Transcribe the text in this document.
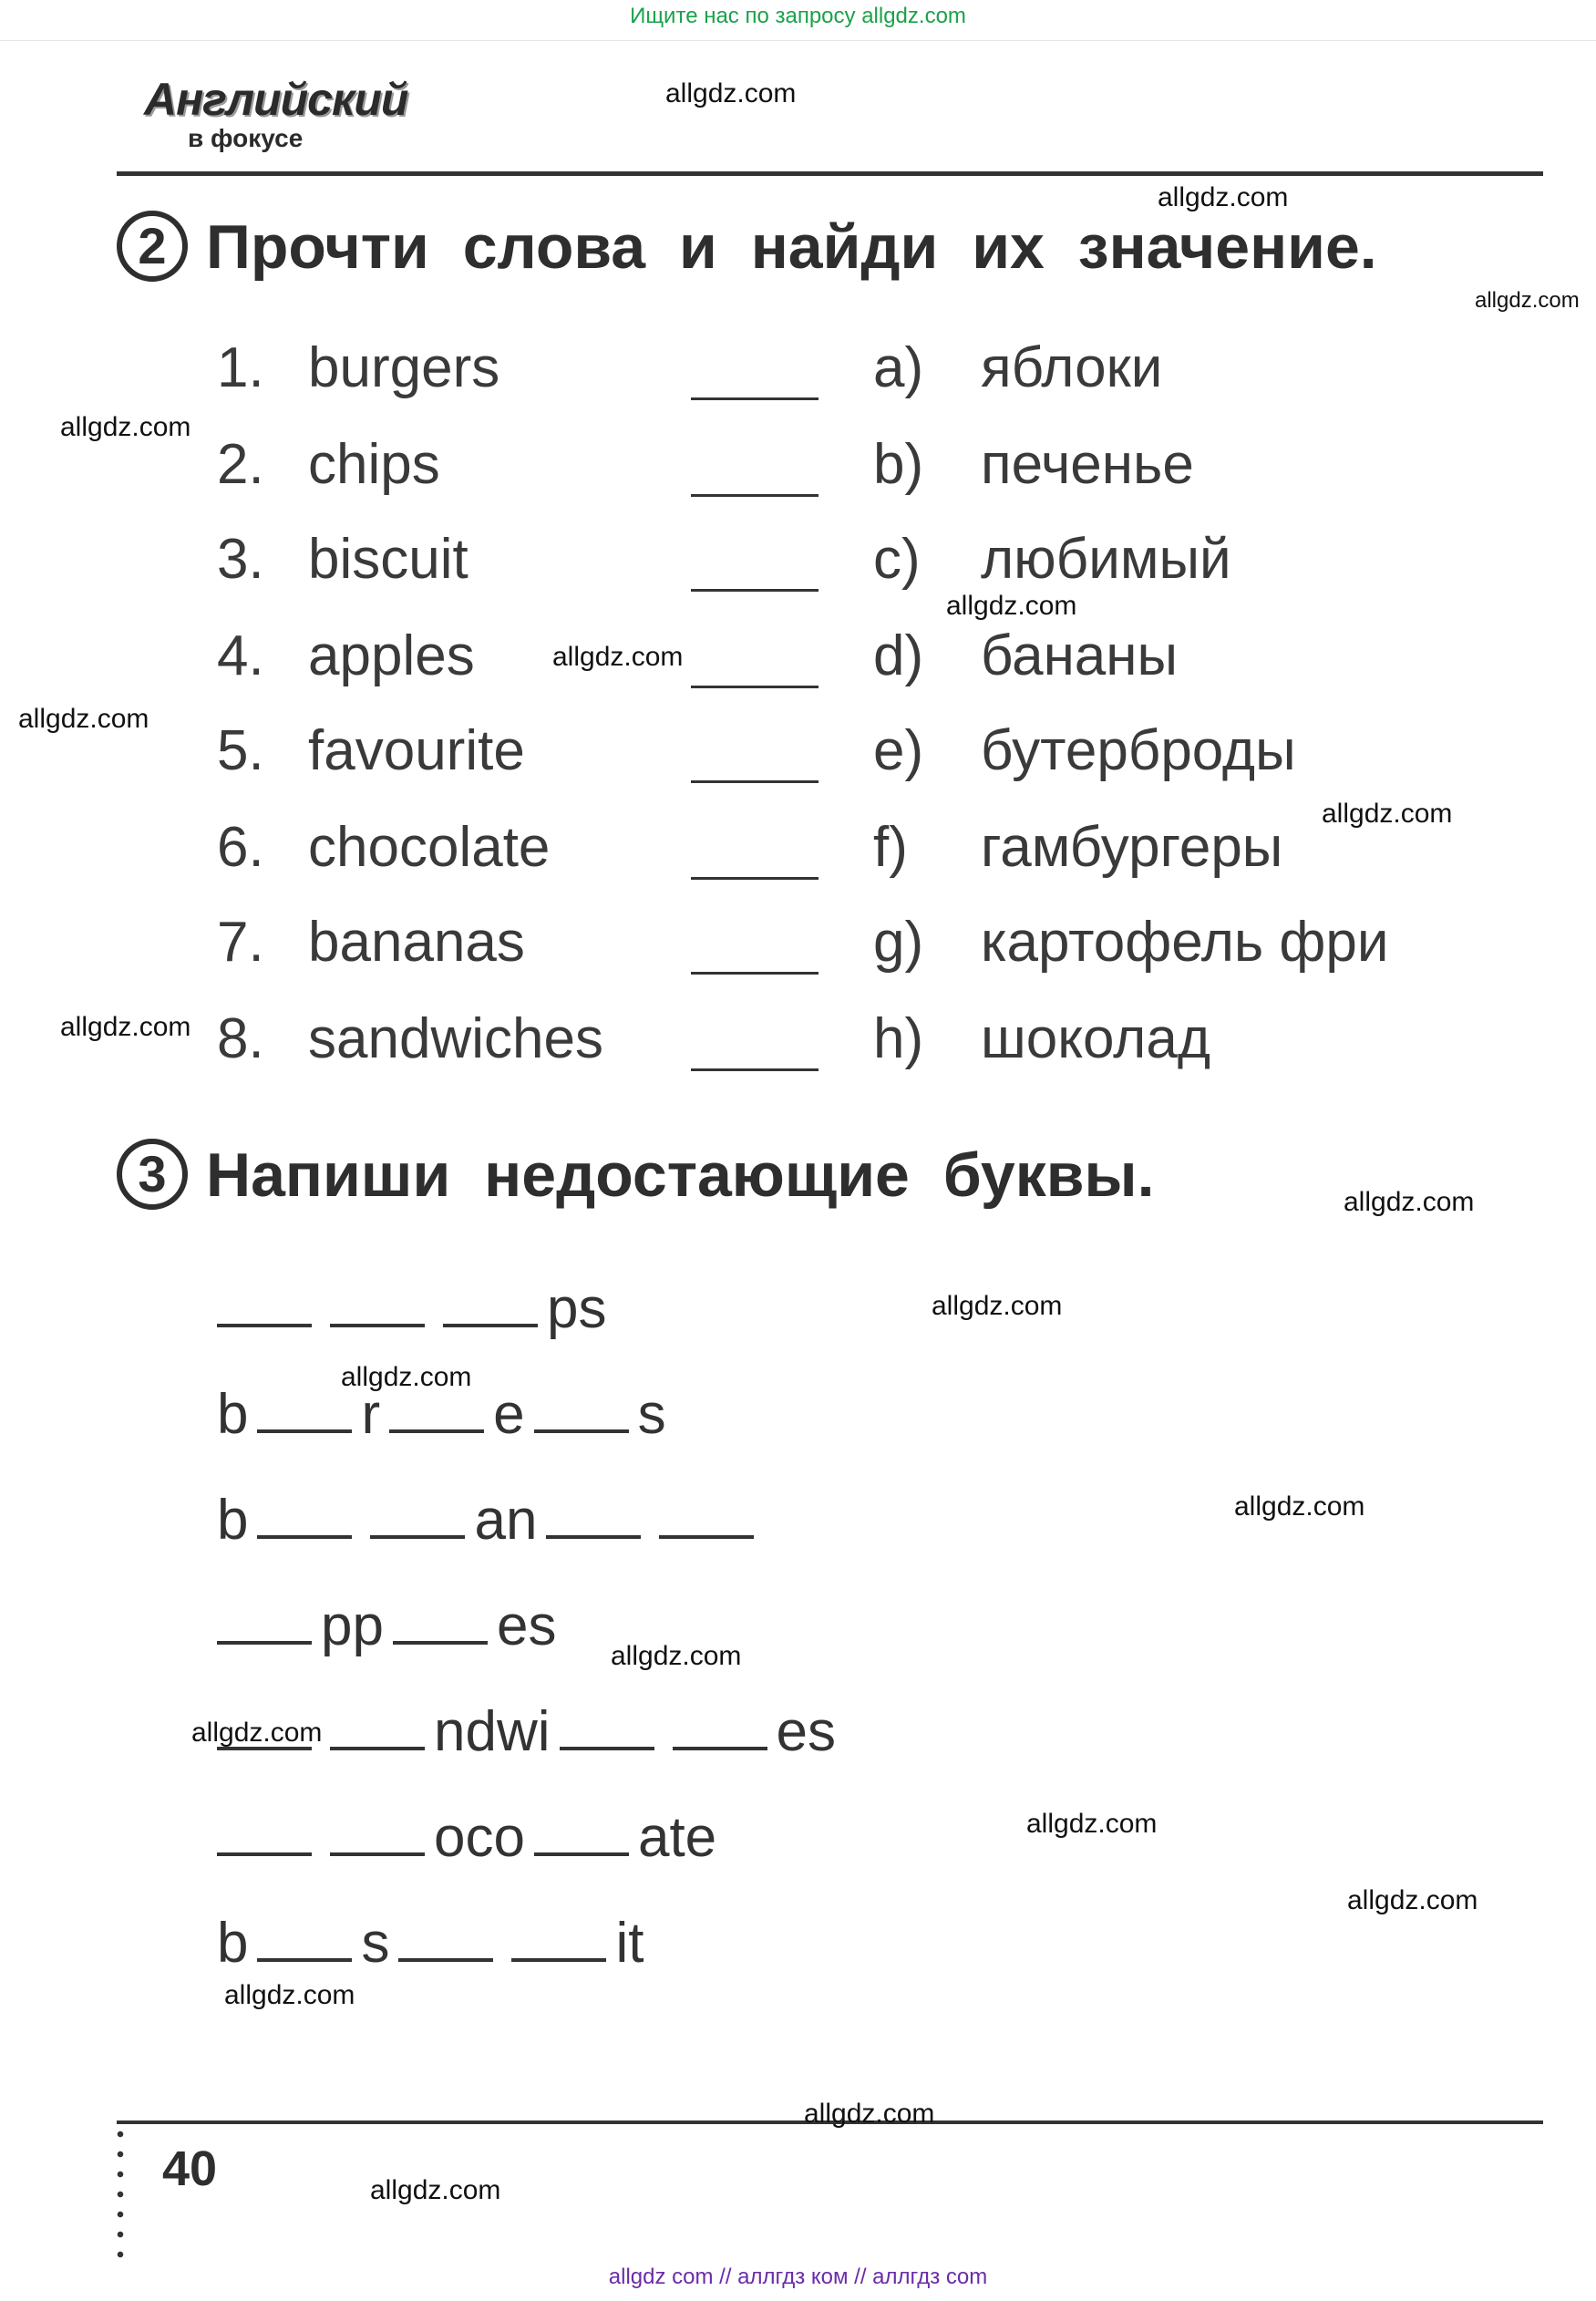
Ищите нас по запросу allgdz.com
Английский
в фокусе
2 Прочти слова и найди их значение.
1. burgers
2. chips
3. biscuit
4. apples
5. favourite
6. chocolate
7. bananas
8. sandwiches
a) яблоки
b) печенье
c) любимый
d) бананы
e) бутерброды
f) гамбургеры
g) картофель фри
h) шоколад
3 Напиши недостающие буквы.
ps
b r e s
b	an
pp es
ndwi	es
oco ate
b s	it
40
allgdz com // аллгдз ком // аллгдз com
allgdz.com
allgdz.com
allgdz.com
allgdz.com
allgdz.com
allgdz.com
allgdz.com
allgdz.com
allgdz.com
allgdz.com
allgdz.com
allgdz.com
allgdz.com
allgdz.com
allgdz.com
allgdz.com
allgdz.com
allgdz.com
allgdz.com
allgdz.com
